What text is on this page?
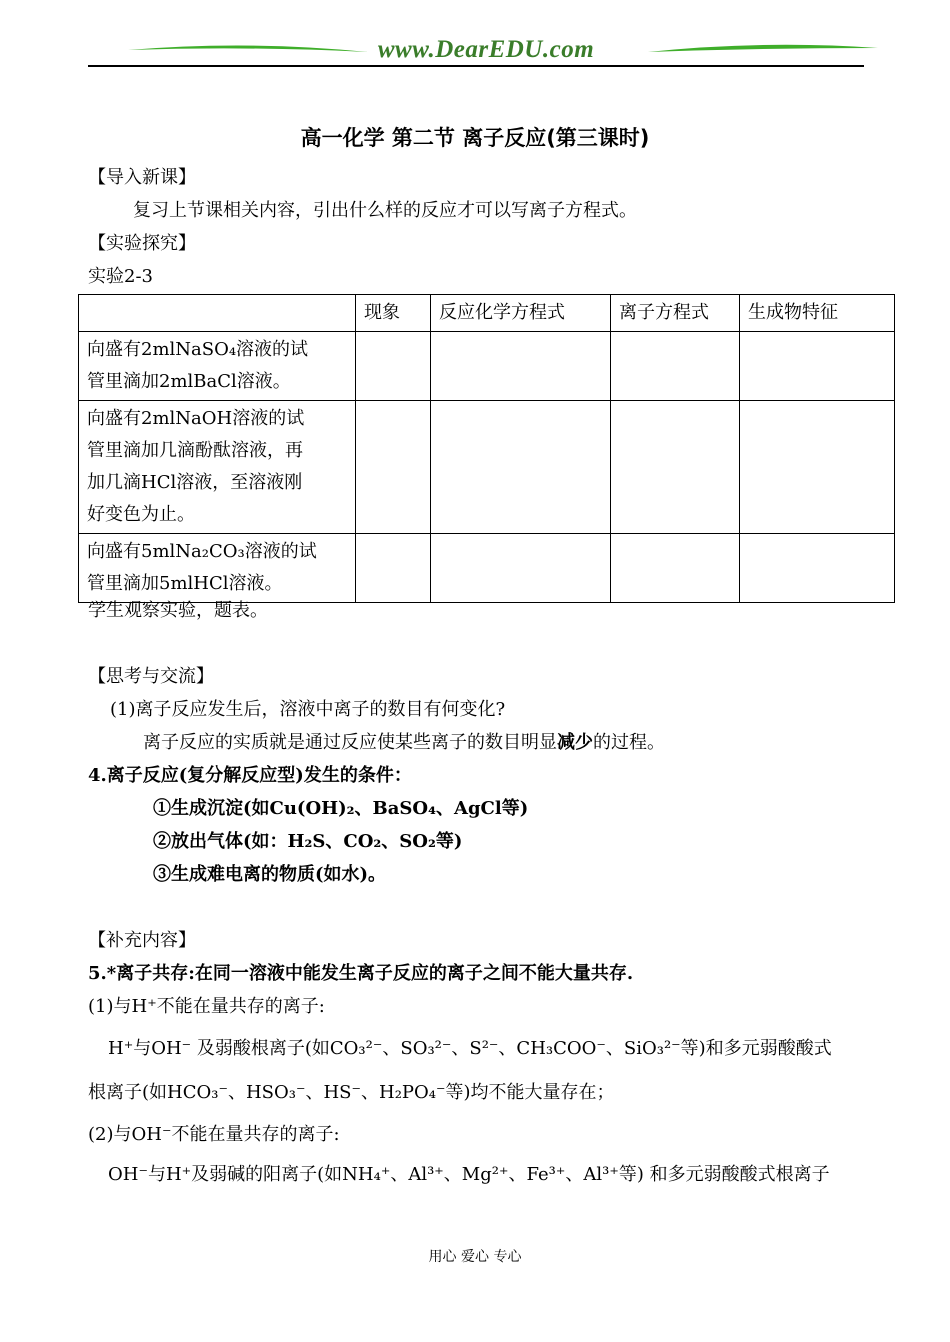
www.DearEDU.com
高一化学 第二节 离子反应(第三课时)
【导入新课】
复习上节课相关内容，引出什么样的反应才可以写离子方程式。
【实验探究】
实验2-3
	现象	反应化学方程式	离子方程式	生成物特征

向盛有2mlNaSO₄溶液的试
管里滴加2mlBaCl溶液。				

向盛有2mlNaOH溶液的试
管里滴加几滴酚酞溶液，再
加几滴HCl溶液，至溶液刚
好变色为止。				

向盛有5mlNa₂CO₃溶液的试
管里滴加5mlHCl溶液。				

学生观察实验，题表。
【思考与交流】
(1)离子反应发生后，溶液中离子的数目有何变化?
离子反应的实质就是通过反应使某些离子的数目明显减少的过程。
4.离子反应(复分解反应型)发生的条件：
①生成沉淀(如Cu(OH)₂、BaSO₄、AgCl等)
②放出气体(如：H₂S、CO₂、SO₂等)
③生成难电离的物质(如水)。
【补充内容】
5.*离子共存:在同一溶液中能发生离子反应的离子之间不能大量共存.
(1)与H⁺不能在量共存的离子:
H⁺与OH⁻ 及弱酸根离子(如CO₃²⁻、SO₃²⁻、S²⁻、CH₃COO⁻、SiO₃²⁻等)和多元弱酸酸式
根离子(如HCO₃⁻、HSO₃⁻、HS⁻、H₂PO₄⁻等)均不能大量存在；
(2)与OH⁻不能在量共存的离子:
OH⁻与H⁺及弱碱的阳离子(如NH₄⁺、Al³⁺、Mg²⁺、Fe³⁺、Al³⁺等) 和多元弱酸酸式根离子
用心 爱心 专心
